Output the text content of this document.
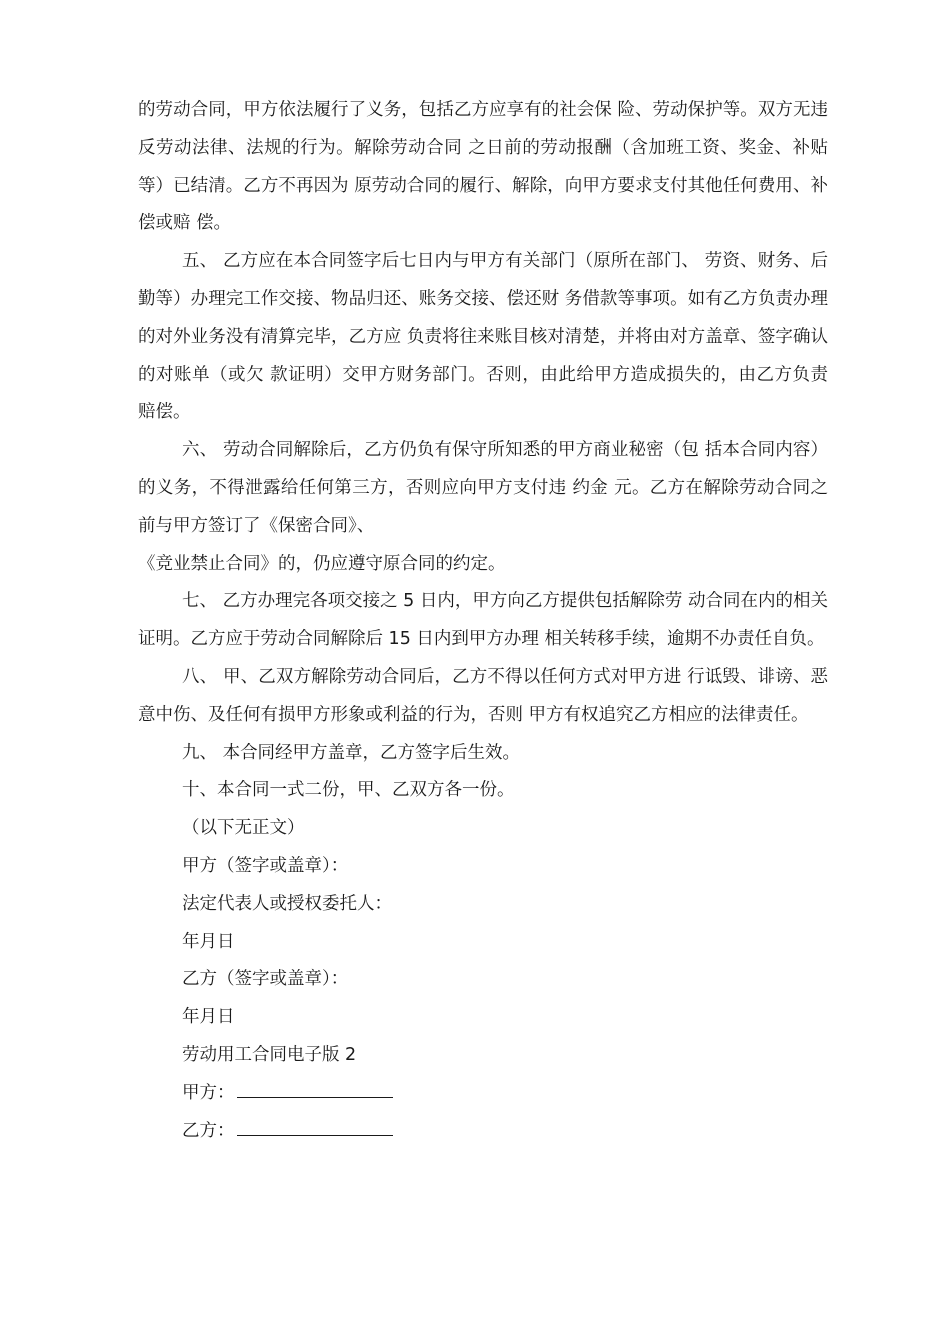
的劳动合同，甲方依法履行了义务，包括乙方应享有的社会保 险、劳动保护等。双方无违反劳动法律、法规的行为。解除劳动合同 之日前的劳动报酬（含加班工资、奖金、补贴等）已结清。乙方不再因为 原劳动合同的履行、解除，向甲方要求支付其他任何费用、补偿或赔 偿。

五、 乙方应在本合同签字后七日内与甲方有关部门（原所在部门、 劳资、财务、后勤等）办理完工作交接、物品归还、账务交接、偿还财 务借款等事项。如有乙方负责办理的对外业务没有清算完毕，乙方应 负责将往来账目核对清楚，并将由对方盖章、签字确认的对账单（或欠 款证明）交甲方财务部门。否则，由此给甲方造成损失的，由乙方负责 赔偿。

六、 劳动合同解除后，乙方仍负有保守所知悉的甲方商业秘密（包 括本合同内容）的义务，不得泄露给任何第三方，否则应向甲方支付违 约金 元。乙方在解除劳动合同之前与甲方签订了《保密合同》、

《竞业禁止合同》的，仍应遵守原合同的约定。

七、 乙方办理完各项交接之 5 日内，甲方向乙方提供包括解除劳 动合同在内的相关证明。乙方应于劳动合同解除后 15 日内到甲方办理 相关转移手续，逾期不办责任自负。

八、 甲、乙双方解除劳动合同后，乙方不得以任何方式对甲方进 行诋毁、诽谤、恶意中伤、及任何有损甲方形象或利益的行为，否则 甲方有权追究乙方相应的法律责任。

九、 本合同经甲方盖章，乙方签字后生效。

十、本合同一式二份，甲、乙双方各一份。

（以下无正文）

甲方（签字或盖章）：

法定代表人或授权委托人：

年月日

乙方（签字或盖章）：

年月日

劳动用工合同电子版 2

甲方：

乙方：
